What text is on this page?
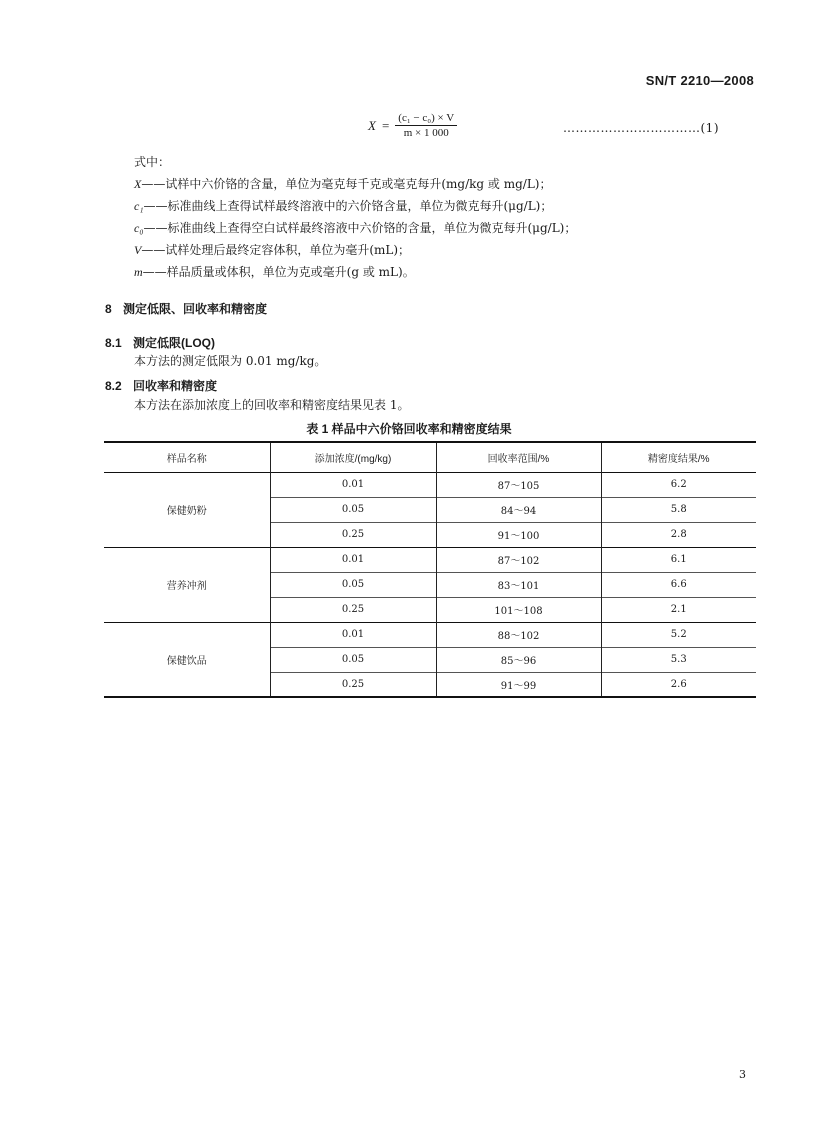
SN/T 2210—2008
$X = \frac{\text{(c₁ − c₀) × V}}{m \times 1 000}$	……………………………(1)
式中：
X——试样中六价铬的含量，单位为毫克每千克或毫克每升(mg/kg 或 mg/L)；
c₁——标准曲线上查得试样最终溶液中的六价铬含量，单位为微克每升(μg/L)；
c₀——标准曲线上查得空白试样最终溶液中六价铬的含量，单位为微克每升(μg/L)；
V——试样处理后最终定容体积，单位为毫升(mL)；
m——样品质量或体积，单位为克或毫升(g 或 mL)。
8 测定低限、回收率和精密度
8.1 测定低限(LOQ)
本方法的测定低限为 0.01 mg/kg。
8.2 回收率和精密度
本方法在添加浓度上的回收率和精密度结果见表 1。
表 1 样品中六价铬回收率和精密度结果
样品名称	添加浓度/(mg/kg)	回收率范围/%	精密度结果/%
保健奶粉	0.01	87～105	6.2
	0.05	84～94	5.8
	0.25	91～100	2.8
营养冲剂	0.01	87～102	6.1
	0.05	83～101	6.6
	0.25	101～108	2.1
保健饮品	0.01	88～102	5.2
	0.05	85～96	5.3
	0.25	91～99	2.6
3
